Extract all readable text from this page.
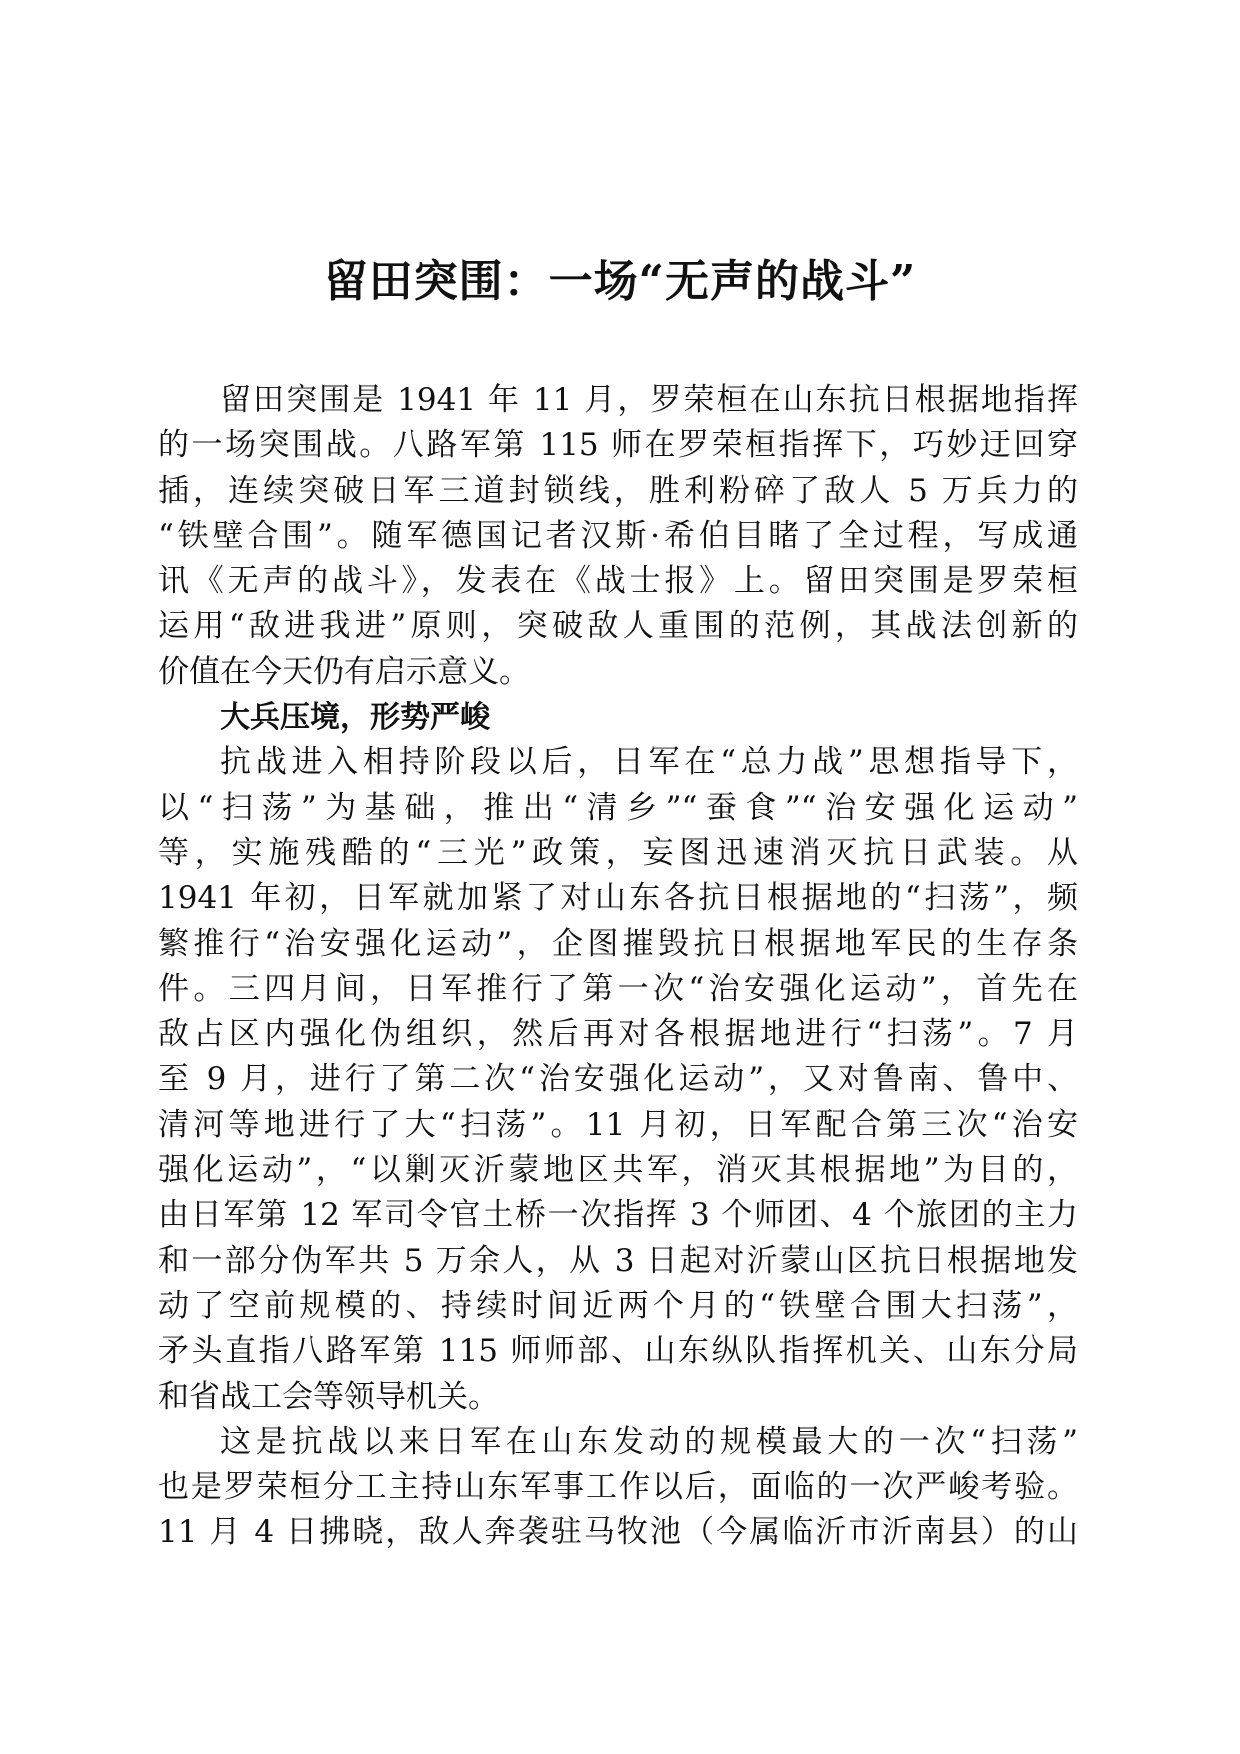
留田突围：一场“无声的战斗”
留田突围是 1941 年 11 月，罗荣桓在山东抗日根据地指挥
的一场突围战。八路军第 115 师在罗荣桓指挥下，巧妙迂回穿
插，连续突破日军三道封锁线，胜利粉碎了敌人 5 万兵力的
“铁壁合围”。随军德国记者汉斯·希伯目睹了全过程，写成通
讯《无声的战斗》，发表在《战士报》上。留田突围是罗荣桓
运用“敌进我进”原则，突破敌人重围的范例，其战法创新的
价值在今天仍有启示意义。
大兵压境，形势严峻
抗战进入相持阶段以后，日军在“总力战”思想指导下，
以“扫荡”为基础，推出“清乡”“蚕食”“治安强化运动”
等，实施残酷的“三光”政策，妄图迅速消灭抗日武装。从
1941 年初，日军就加紧了对山东各抗日根据地的“扫荡”，频
繁推行“治安强化运动”，企图摧毁抗日根据地军民的生存条
件。三四月间，日军推行了第一次“治安强化运动”，首先在
敌占区内强化伪组织，然后再对各根据地进行“扫荡”。7 月
至 9 月，进行了第二次“治安强化运动”，又对鲁南、鲁中、
清河等地进行了大“扫荡”。11 月初，日军配合第三次“治安
强化运动”，“以剿灭沂蒙地区共军，消灭其根据地”为目的，
由日军第 12 军司令官土桥一次指挥 3 个师团、4 个旅团的主力
和一部分伪军共 5 万余人，从 3 日起对沂蒙山区抗日根据地发
动了空前规模的、持续时间近两个月的“铁壁合围大扫荡”，
矛头直指八路军第 115 师师部、山东纵队指挥机关、山东分局
和省战工会等领导机关。
这是抗战以来日军在山东发动的规模最大的一次“扫荡”
也是罗荣桓分工主持山东军事工作以后，面临的一次严峻考验。
11 月 4 日拂晓，敌人奔袭驻马牧池（今属临沂市沂南县）的山
